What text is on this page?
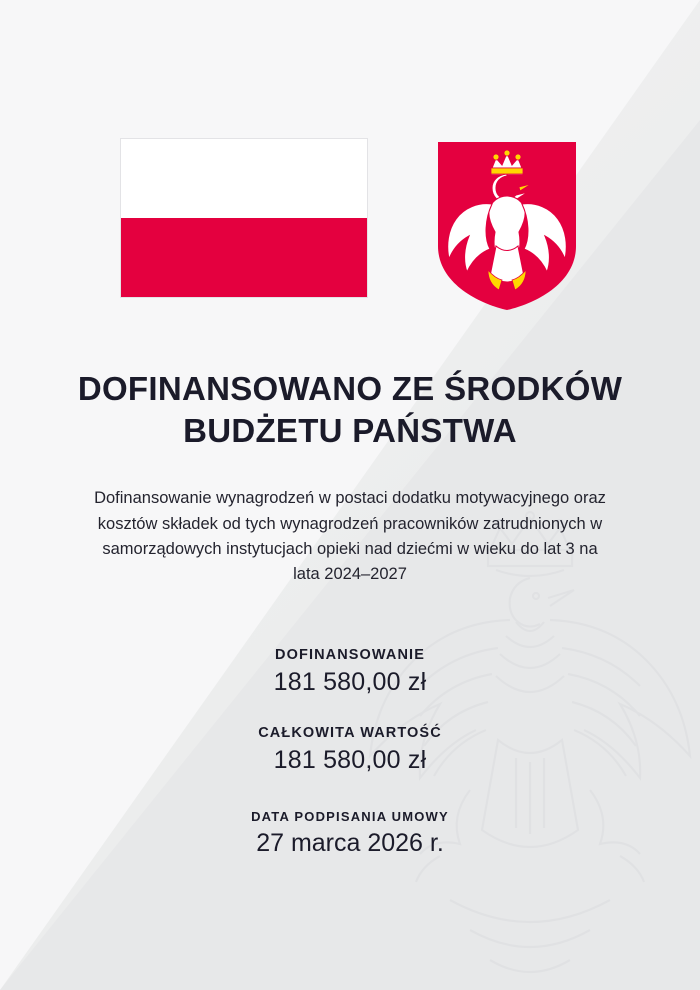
DOFINANSOWANO ZE ŚRODKÓW BUDŻETU PAŃSTWA

Dofinansowanie wynagrodzeń w postaci dodatku motywacyjnego oraz kosztów składek od tych wynagrodzeń pracowników zatrudnionych w samorządowych instytucjach opieki nad dziećmi w wieku do lat 3 na lata 2024–2027

DOFINANSOWANIE
181 580,00 zł
CAŁKOWITA WARTOŚĆ
181 580,00 zł
DATA PODPISANIA UMOWY
27 marca 2026 r.
